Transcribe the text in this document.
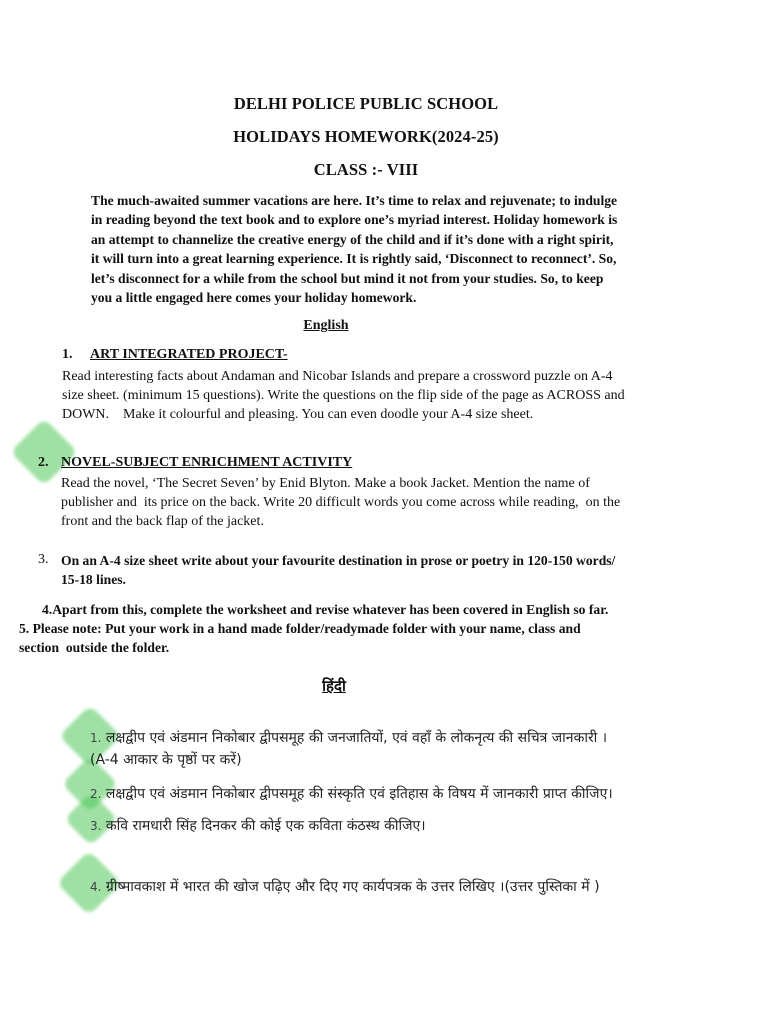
DELHI POLICE PUBLIC SCHOOL
HOLIDAYS HOMEWORK(2024-25)
CLASS :- VIII
The much-awaited summer vacations are here. It’s time to relax and rejuvenate; to indulge
in reading beyond the text book and to explore one’s myriad interest. Holiday homework is
an attempt to channelize the creative energy of the child and if it’s done with a right spirit,
it will turn into a great learning experience. It is rightly said, ‘Disconnect to reconnect’. So,
let’s disconnect for a while from the school but mind it not from your studies. So, to keep
you a little engaged here comes your holiday homework.
English
1. ART INTEGRATED PROJECT-
Read interesting facts about Andaman and Nicobar Islands and prepare a crossword puzzle on A-4
size sheet. (minimum 15 questions). Write the questions on the flip side of the page as ACROSS and
DOWN.    Make it colourful and pleasing. You can even doodle your A-4 size sheet.
2. NOVEL-SUBJECT ENRICHMENT ACTIVITY
Read the novel, ‘The Secret Seven’ by Enid Blyton. Make a book Jacket. Mention the name of
publisher and  its price on the back. Write 20 difficult words you come across while reading,  on the
front and the back flap of the jacket.
3. On an A-4 size sheet write about your favourite destination in prose or poetry in 120-150 words/
15-18 lines.
4.Apart from this, complete the worksheet and revise whatever has been covered in English so far.
5. Please note: Put your work in a hand made folder/readymade folder with your name, class and
section  outside the folder.
हिंदी
1. लक्षद्वीप एवं अंडमान निकोबार द्वीपसमूह की जनजातियों, एवं वहाँ के लोकनृत्य की सचित्र जानकारी ।
(A-4 आकार के पृष्ठों पर करें)
2. लक्षद्वीप एवं अंडमान निकोबार द्वीपसमूह की संस्कृति एवं इतिहास के विषय में जानकारी प्राप्त कीजिए।
3. कवि रामधारी सिंह दिनकर की कोई एक कविता कंठस्थ कीजिए।
4. ग्रीष्मावकाश में भारत की खोज पढ़िए और दिए गए कार्यपत्रक के उत्तर लिखिए ।(उत्तर पुस्तिका में )
